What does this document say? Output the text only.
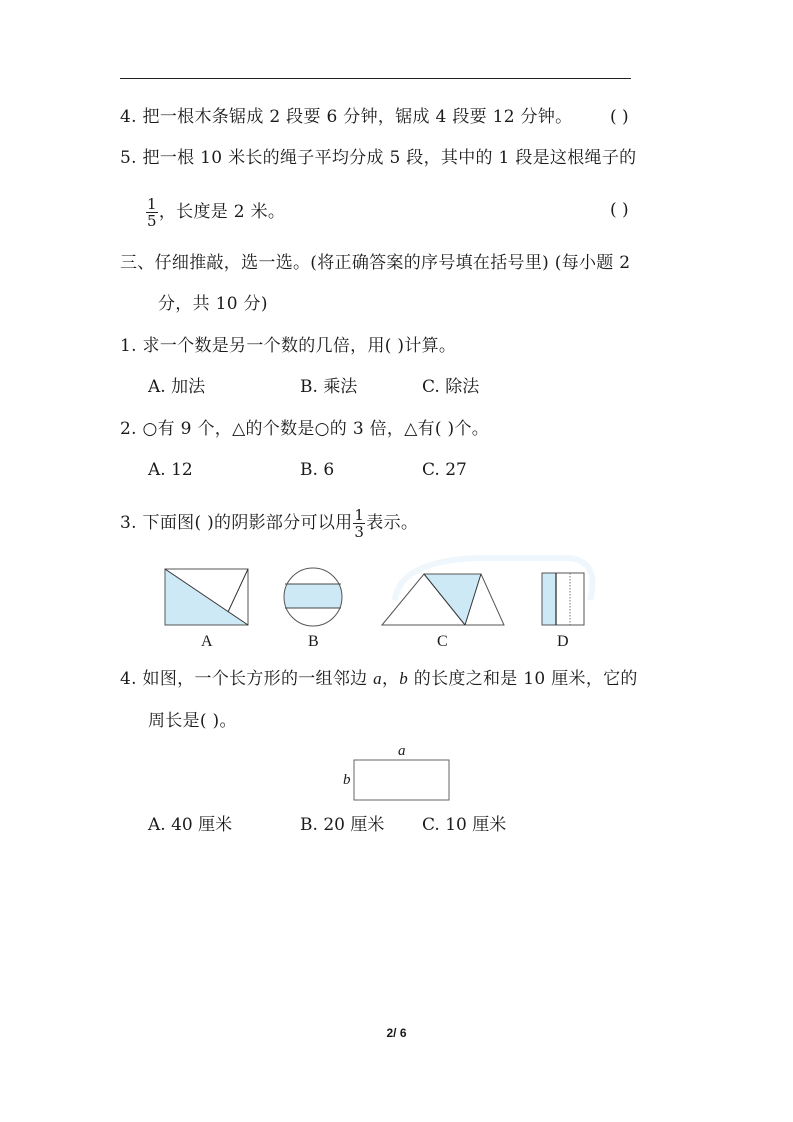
4. 把一根木条锯成 2 段要 6 分钟，锯成 4 段要 12 分钟。 ( )
5. 把一根 10 米长的绳子平均分成 5 段，其中的 1 段是这根绳子的
$\frac{1}{5}$ ，长度是 2 米。	( )
三、仔细推敲，选一选。(将正确答案的序号填在括号里) (每小题 2
分，共 10 分)
1. 求一个数是另一个数的几倍，用( )计算。
A. 加法	B. 乘法	C. 除法
2. ○有 9 个，△的个数是○的 3 倍，△有( )个。
A. 12	B. 6	C. 27
3. 下面图( )的阴影部分可以用 $\frac{1}{3}$ 表示。
A	B	C	D
4. 如图，一个长方形的一组邻边 a，b 的长度之和是 10 厘米，它的
周长是( )。
a
b
A. 40 厘米	B. 20 厘米 C. 10 厘米
2/ 6
